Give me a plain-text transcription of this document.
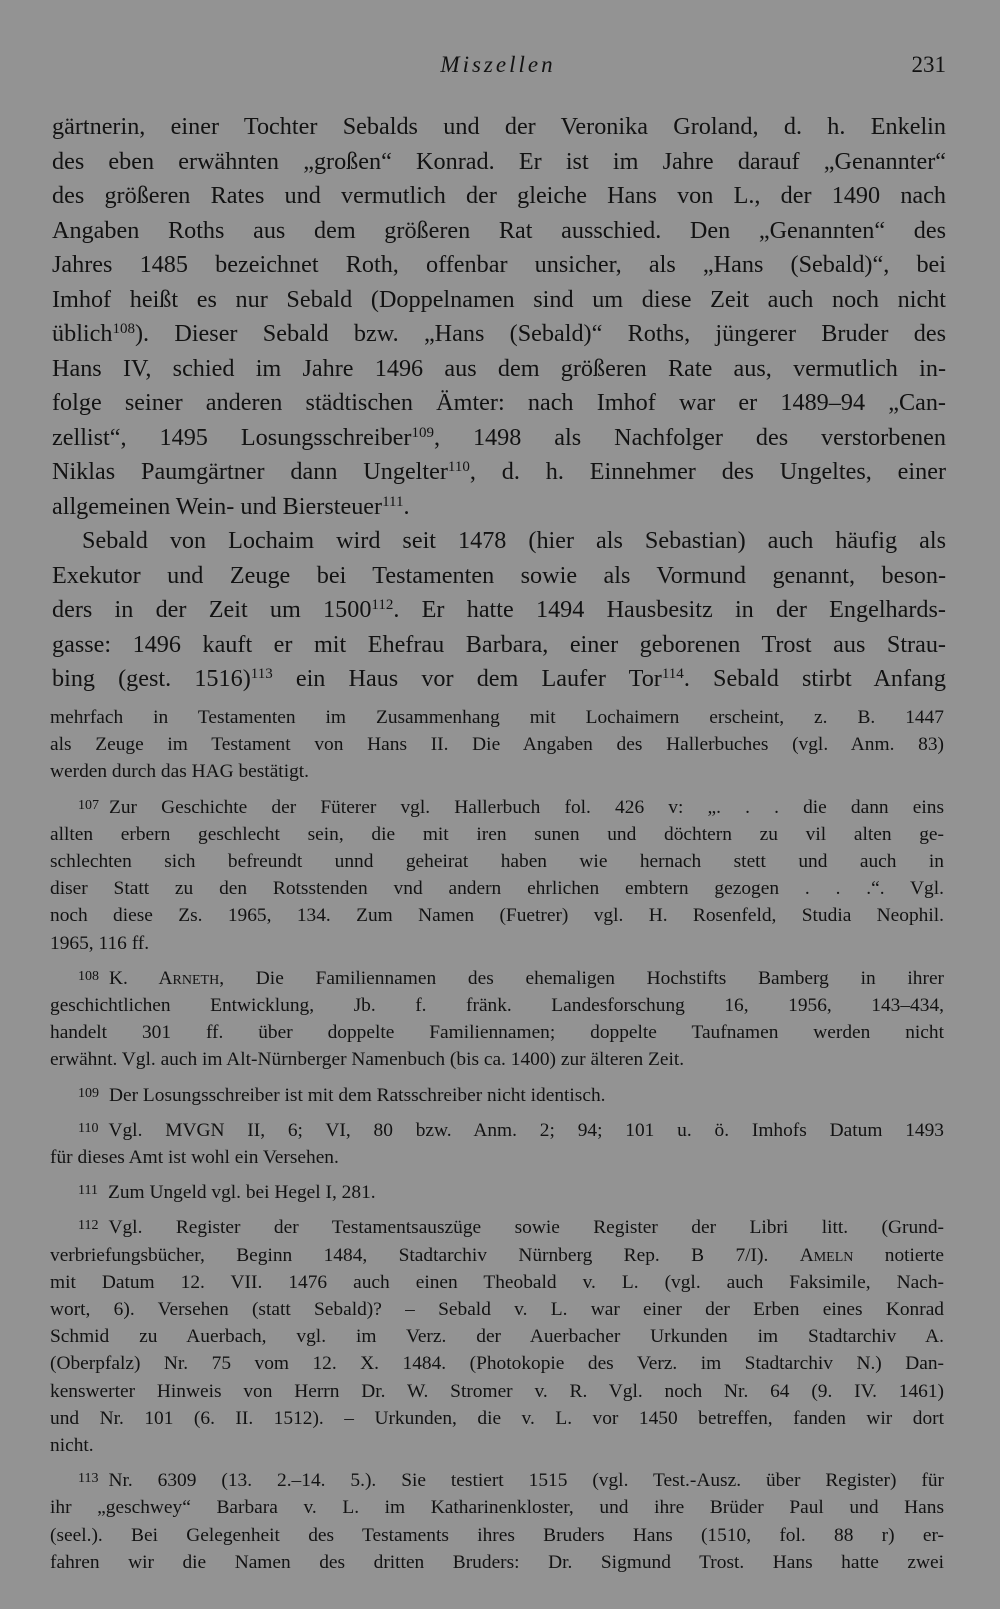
Miszellen	231

gärtnerin, einer Tochter Sebalds und der Veronika Groland, d. h. Enkelin

des eben erwähnten „großen“ Konrad. Er ist im Jahre darauf „Genannter“

des größeren Rates und vermutlich der gleiche Hans von L., der 1490 nach

Angaben Roths aus dem größeren Rat ausschied. Den „Genannten“ des

Jahres 1485 bezeichnet Roth, offenbar unsicher, als „Hans (Sebald)“, bei

Imhof heißt es nur Sebald (Doppelnamen sind um diese Zeit auch noch nicht

üblich$^{108}$). Dieser Sebald bzw. „Hans (Sebald)“ Roths, jüngerer Bruder des

Hans IV, schied im Jahre 1496 aus dem größeren Rate aus, vermutlich in-

folge seiner anderen städtischen Ämter: nach Imhof war er 1489–94 „Can-

zellist“, 1495 Losungsschreiber$^{109}$, 1498 als Nachfolger des verstorbenen

Niklas Paumgärtner dann Ungelter$^{110}$, d. h. Einnehmer des Ungeltes, einer

allgemeinen Wein- und Biersteuer$^{111}$.

Sebald von Lochaim wird seit 1478 (hier als Sebastian) auch häufig als

Exekutor und Zeuge bei Testamenten sowie als Vormund genannt, beson-

ders in der Zeit um 1500$^{112}$. Er hatte 1494 Hausbesitz in der Engelhards-

gasse: 1496 kauft er mit Ehefrau Barbara, einer geborenen Trost aus Strau-

bing (gest. 1516)$^{113}$ ein Haus vor dem Laufer Tor$^{114}$. Sebald stirbt Anfang

mehrfach in Testamenten im Zusammenhang mit Lochaimern erscheint, z. B. 1447

als Zeuge im Testament von Hans II. Die Angaben des Hallerbuches (vgl. Anm. 83)

werden durch das HAG bestätigt.

$^{107}$ Zur Geschichte der Füterer vgl. Hallerbuch fol. 426 v: „. . . die dann eins

allten erbern geschlecht sein, die mit iren sunen und döchtern zu vil alten ge-

schlechten sich befreundt unnd geheirat haben wie hernach stett und auch in

diser Statt zu den Rotsstenden vnd andern ehrlichen embtern gezogen . . .“. Vgl.

noch diese Zs. 1965, 134. Zum Namen (Fuetrer) vgl. H. Rosenfeld, Studia Neophil.

1965, 116 ff.

$^{108}$ K. Arneth, Die Familiennamen des ehemaligen Hochstifts Bamberg in ihrer

geschichtlichen Entwicklung, Jb. f. fränk. Landesforschung 16, 1956, 143–434,

handelt 301 ff. über doppelte Familiennamen; doppelte Taufnamen werden nicht

erwähnt. Vgl. auch im Alt-Nürnberger Namenbuch (bis ca. 1400) zur älteren Zeit.

$^{109}$ Der Losungsschreiber ist mit dem Ratsschreiber nicht identisch.

$^{110}$ Vgl. MVGN II, 6; VI, 80 bzw. Anm. 2; 94; 101 u. ö. Imhofs Datum 1493

für dieses Amt ist wohl ein Versehen.

$^{111}$ Zum Ungeld vgl. bei Hegel I, 281.

$^{112}$ Vgl. Register der Testamentsauszüge sowie Register der Libri litt. (Grund-

verbriefungsbücher, Beginn 1484, Stadtarchiv Nürnberg Rep. B 7/I). Ameln notierte

mit Datum 12. VII. 1476 auch einen Theobald v. L. (vgl. auch Faksimile, Nach-

wort, 6). Versehen (statt Sebald)? – Sebald v. L. war einer der Erben eines Konrad

Schmid zu Auerbach, vgl. im Verz. der Auerbacher Urkunden im Stadtarchiv A.

(Oberpfalz) Nr. 75 vom 12. X. 1484. (Photokopie des Verz. im Stadtarchiv N.) Dan-

kenswerter Hinweis von Herrn Dr. W. Stromer v. R. Vgl. noch Nr. 64 (9. IV. 1461)

und Nr. 101 (6. II. 1512). – Urkunden, die v. L. vor 1450 betreffen, fanden wir dort

nicht.

$^{113}$ Nr. 6309 (13. 2.–14. 5.). Sie testiert 1515 (vgl. Test.-Ausz. über Register) für

ihr „geschwey“ Barbara v. L. im Katharinenkloster, und ihre Brüder Paul und Hans

(seel.). Bei Gelegenheit des Testaments ihres Bruders Hans (1510, fol. 88 r) er-

fahren wir die Namen des dritten Bruders: Dr. Sigmund Trost. Hans hatte zwei
